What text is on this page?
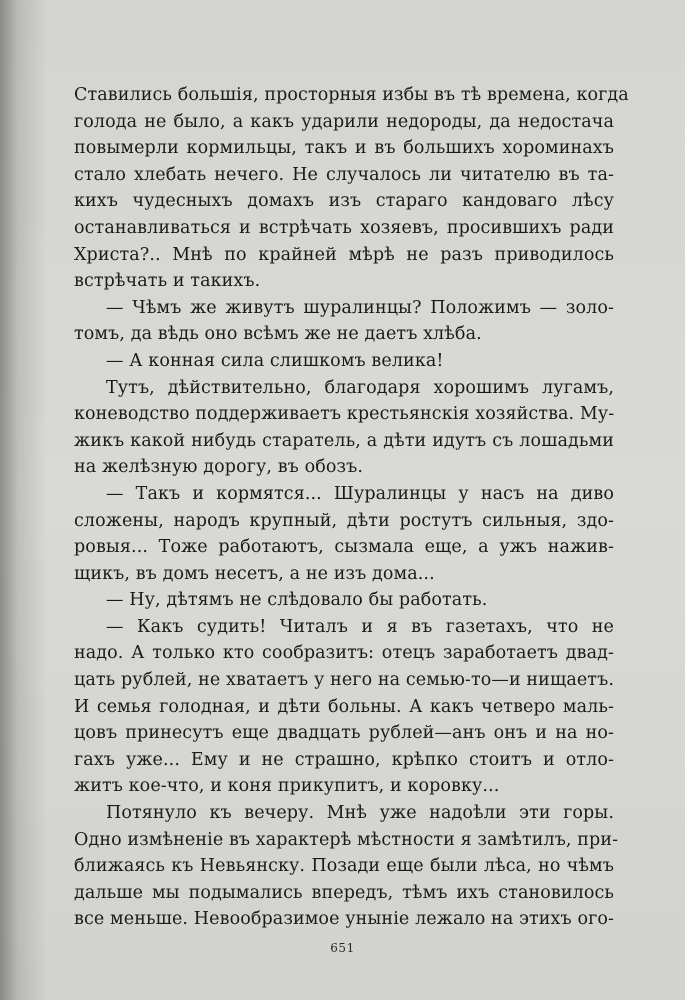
Ставились большія, просторныя избы въ тѣ времена, когда
голода не было, а какъ ударили недороды, да недостача
повымерли кормильцы, такъ и въ большихъ хороминахъ
стало хлебать нечего. Не случалось ли читателю въ та-
кихъ чудесныхъ домахъ изъ стараго кандоваго лѣсу
останавливаться и встрѣчать хозяевъ, просившихъ ради
Христа?.. Мнѣ по крайней мѣрѣ не разъ приводилось
встрѣчать и такихъ.
— Чѣмъ же живутъ шуралинцы? Положимъ — золо-
томъ, да вѣдь оно всѣмъ же не даетъ хлѣба.
— А конная сила слишкомъ велика!
Тутъ, дѣйствительно, благодаря хорошимъ лугамъ,
коневодство поддерживаетъ крестьянскія хозяйства. Му-
жикъ какой нибудь старатель, а дѣти идутъ съ лошадьми
на желѣзную дорогу, въ обозъ.
— Такъ и кормятся... Шуралинцы у насъ на диво
сложены, народъ крупный, дѣти ростутъ сильныя, здо-
ровыя... Тоже работаютъ, сызмала еще, а ужъ нажив-
щикъ, въ домъ несетъ, а не изъ дома...
— Ну, дѣтямъ не слѣдовало бы работать.
— Какъ судить! Читалъ и я въ газетахъ, что не
надо. А только кто сообразитъ: отецъ заработаетъ двад-
цать рублей, не хватаетъ у него на семью-то—и нищаетъ.
И семья голодная, и дѣти больны. А какъ четверо маль-
цовъ принесутъ еще двадцать рублей—анъ онъ и на но-
гахъ уже... Ему и не страшно, крѣпко стоитъ и отло-
житъ кое-что, и коня прикупитъ, и коровку...
Потянуло къ вечеру. Мнѣ уже надоѣли эти горы.
Одно измѣненіе въ характерѣ мѣстности я замѣтилъ, при-
ближаясь къ Невьянску. Позади еще были лѣса, но чѣмъ
дальше мы подымались впередъ, тѣмъ ихъ становилось
все меньше. Невообразимое уныніе лежало на этихъ ого-
651
